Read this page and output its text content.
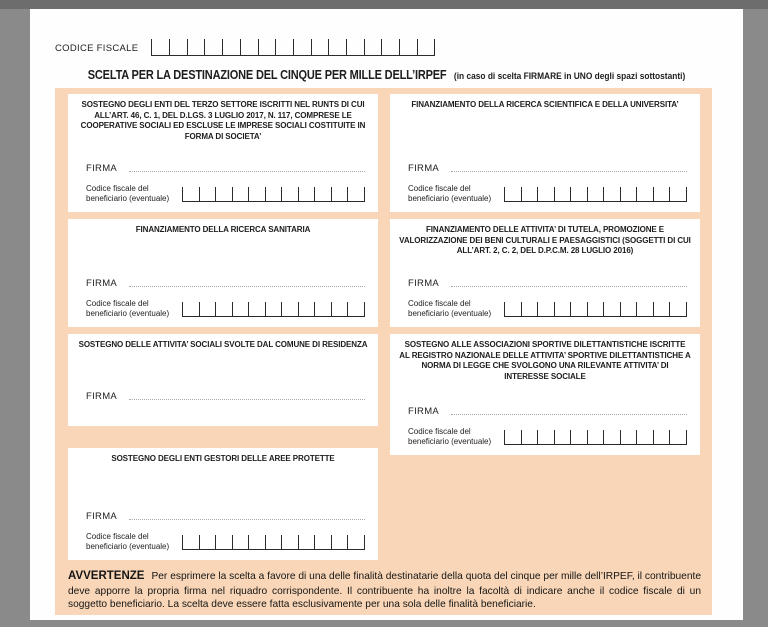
CODICE FISCALE
SCELTA PER LA DESTINAZIONE DEL CINQUE PER MILLE DELL’IRPEF (in caso di scelta FIRMARE in UNO degli spazi sottostanti)
SOSTEGNO DEGLI ENTI DEL TERZO SETTORE ISCRITTI NEL RUNTS DI CUI ALL’ART. 46, C. 1, DEL D.LGS. 3 LUGLIO 2017, N. 117, COMPRESE LE COOPERATIVE SOCIALI ED ESCLUSE LE IMPRESE SOCIALI COSTITUITE IN FORMA DI SOCIETA’
FIRMA
Codice fiscale del
beneficiario (eventuale)
FINANZIAMENTO DELLA RICERCA SCIENTIFICA E DELLA UNIVERSITA’
FIRMA
Codice fiscale del
beneficiario (eventuale)
FINANZIAMENTO DELLA RICERCA SANITARIA
FIRMA
Codice fiscale del
beneficiario (eventuale)
FINANZIAMENTO DELLE ATTIVITA’ DI TUTELA, PROMOZIONE E VALORIZZAZIONE DEI BENI CULTURALI E PAESAGGISTICI (SOGGETTI DI CUI ALL’ART. 2, C. 2, DEL D.P.C.M. 28 LUGLIO 2016)
FIRMA
Codice fiscale del
beneficiario (eventuale)
SOSTEGNO DELLE ATTIVITA’ SOCIALI SVOLTE DAL COMUNE DI RESIDENZA
FIRMA
SOSTEGNO ALLE ASSOCIAZIONI SPORTIVE DILETTANTISTICHE ISCRITTE AL REGISTRO NAZIONALE DELLE ATTIVITA’ SPORTIVE DILETTANTISTICHE A NORMA DI LEGGE CHE SVOLGONO UNA RILEVANTE ATTIVITA’ DI INTERESSE SOCIALE
FIRMA
Codice fiscale del
beneficiario (eventuale)
SOSTEGNO DEGLI ENTI GESTORI DELLE AREE PROTETTE
FIRMA
Codice fiscale del
beneficiario (eventuale)
AVVERTENZE Per esprimere la scelta a favore di una delle finalità destinatarie della quota del cinque per mille dell’IRPEF, il contribuente deve apporre la propria firma nel riquadro corrispondente. Il contribuente ha inoltre la facoltà di indicare anche il codice fiscale di un soggetto beneficiario. La scelta deve essere fatta esclusivamente per una sola delle finalità beneficiarie.
